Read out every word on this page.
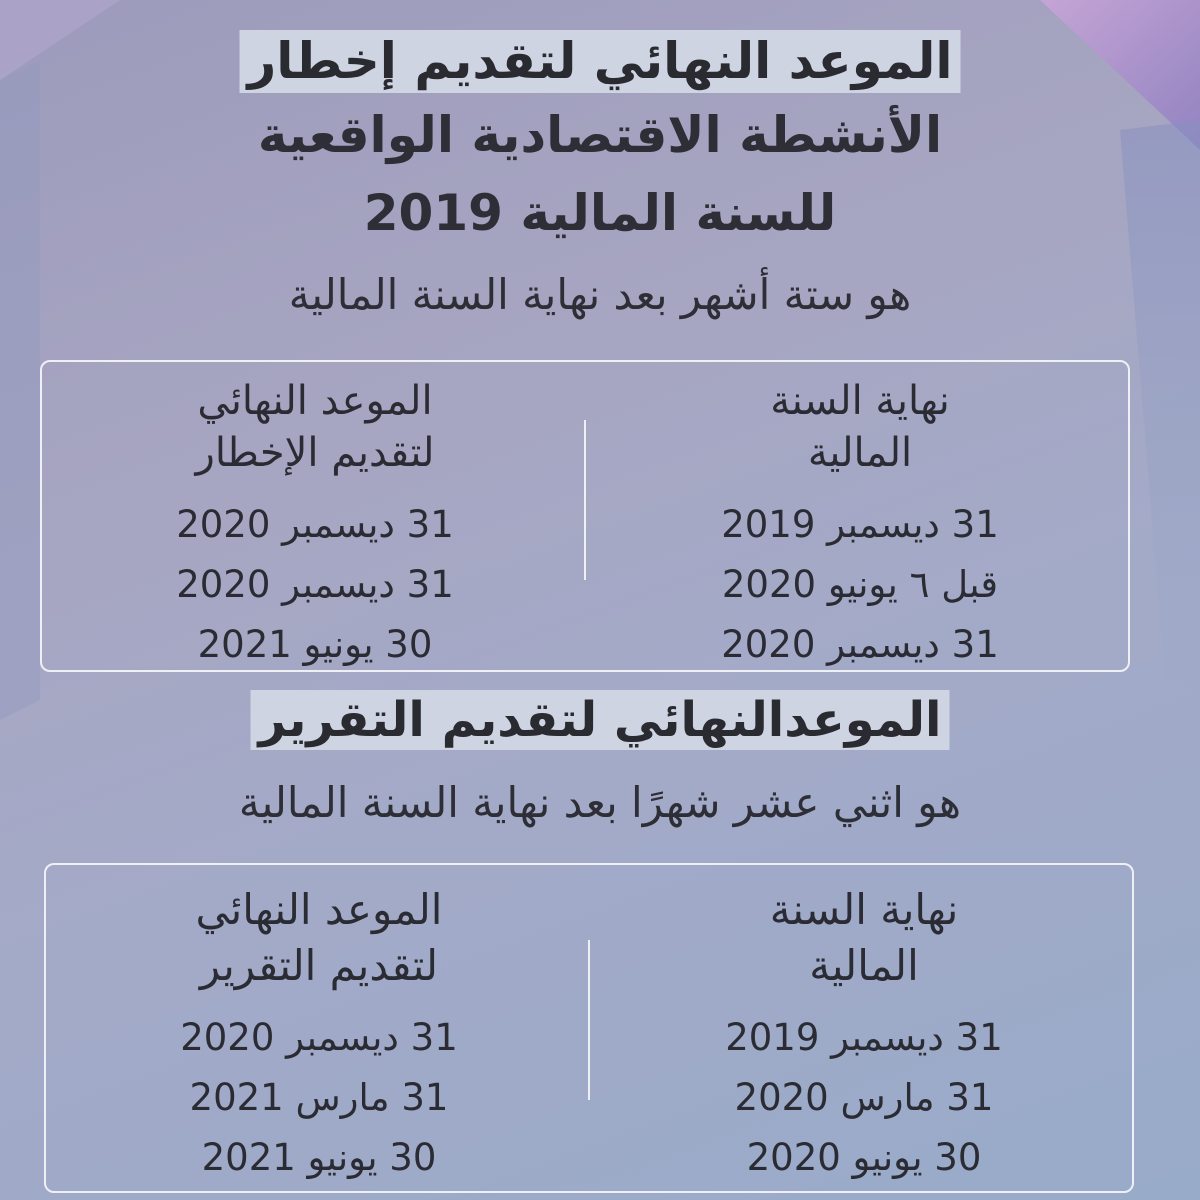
الموعد النهائي لتقديم إخطار
الأنشطة الاقتصادية الواقعية
للسنة المالية 2019
هو ستة أشهر بعد نهاية السنة المالية
نهاية السنة
المالية
31 ديسمبر 2019
قبل ٦ يونيو 2020
31 ديسمبر 2020
الموعد النهائي
لتقديم الإخطار
31 ديسمبر 2020
31 ديسمبر 2020
30 يونيو 2021
الموعدالنهائي لتقديم التقرير
هو اثني عشر شهرًا بعد نهاية السنة المالية
نهاية السنة
المالية
31 ديسمبر 2019
31 مارس 2020
30 يونيو 2020
الموعد النهائي
لتقديم التقرير
31 ديسمبر 2020
31 مارس 2021
30 يونيو 2021
